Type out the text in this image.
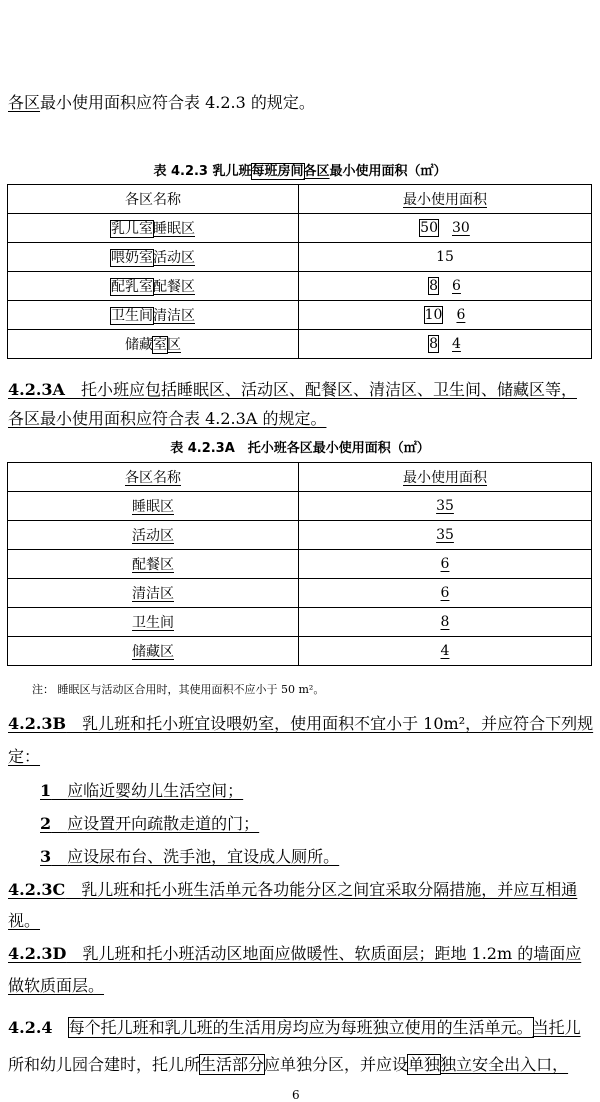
各区最小使用面积应符合表 4.2.3 的规定。
表 4.2.3 乳儿班每班房间各区最小使用面积（㎡）
各区名称	最小使用面积
乳儿室睡眠区	50 30
喂奶室活动区	15
配乳室配餐区	8 6
卫生间清洁区	10 6
储藏室区	8 4
4.2.3A　 托小班应包括睡眠区、活动区、配餐区、清洁区、卫生间、储藏区等，
各区最小使用面积应符合表 4.2.3A 的规定。
表 4.2.3A　托小班各区最小使用面积（㎡）
各区名称	最小使用面积
睡眠区	35
活动区	35
配餐区	6
清洁区	6
卫生间	8
储藏区	4
注： 睡眠区与活动区合用时，其使用面积不应小于 50 m²。
4.2.3B　 乳儿班和托小班宜设喂奶室，使用面积不宜小于 10m²，并应符合下列规
定：
1　 应临近婴幼儿生活空间；
2　 应设置开向疏散走道的门；
3　 应设尿布台、洗手池，宜设成人厕所。
4.2.3C　 乳儿班和托小班生活单元各功能分区之间宜采取分隔措施，并应互相通
视。
4.2.3D　 乳儿班和托小班活动区地面应做暖性、软质面层；距地 1.2m 的墙面应
做软质面层。
4.2.4　 每个托儿班和乳儿班的生活用房均应为每班独立使用的生活单元。当托儿
所和幼儿园合建时，托儿所生活部分应单独分区，并应设单独独立安全出入口，
6
